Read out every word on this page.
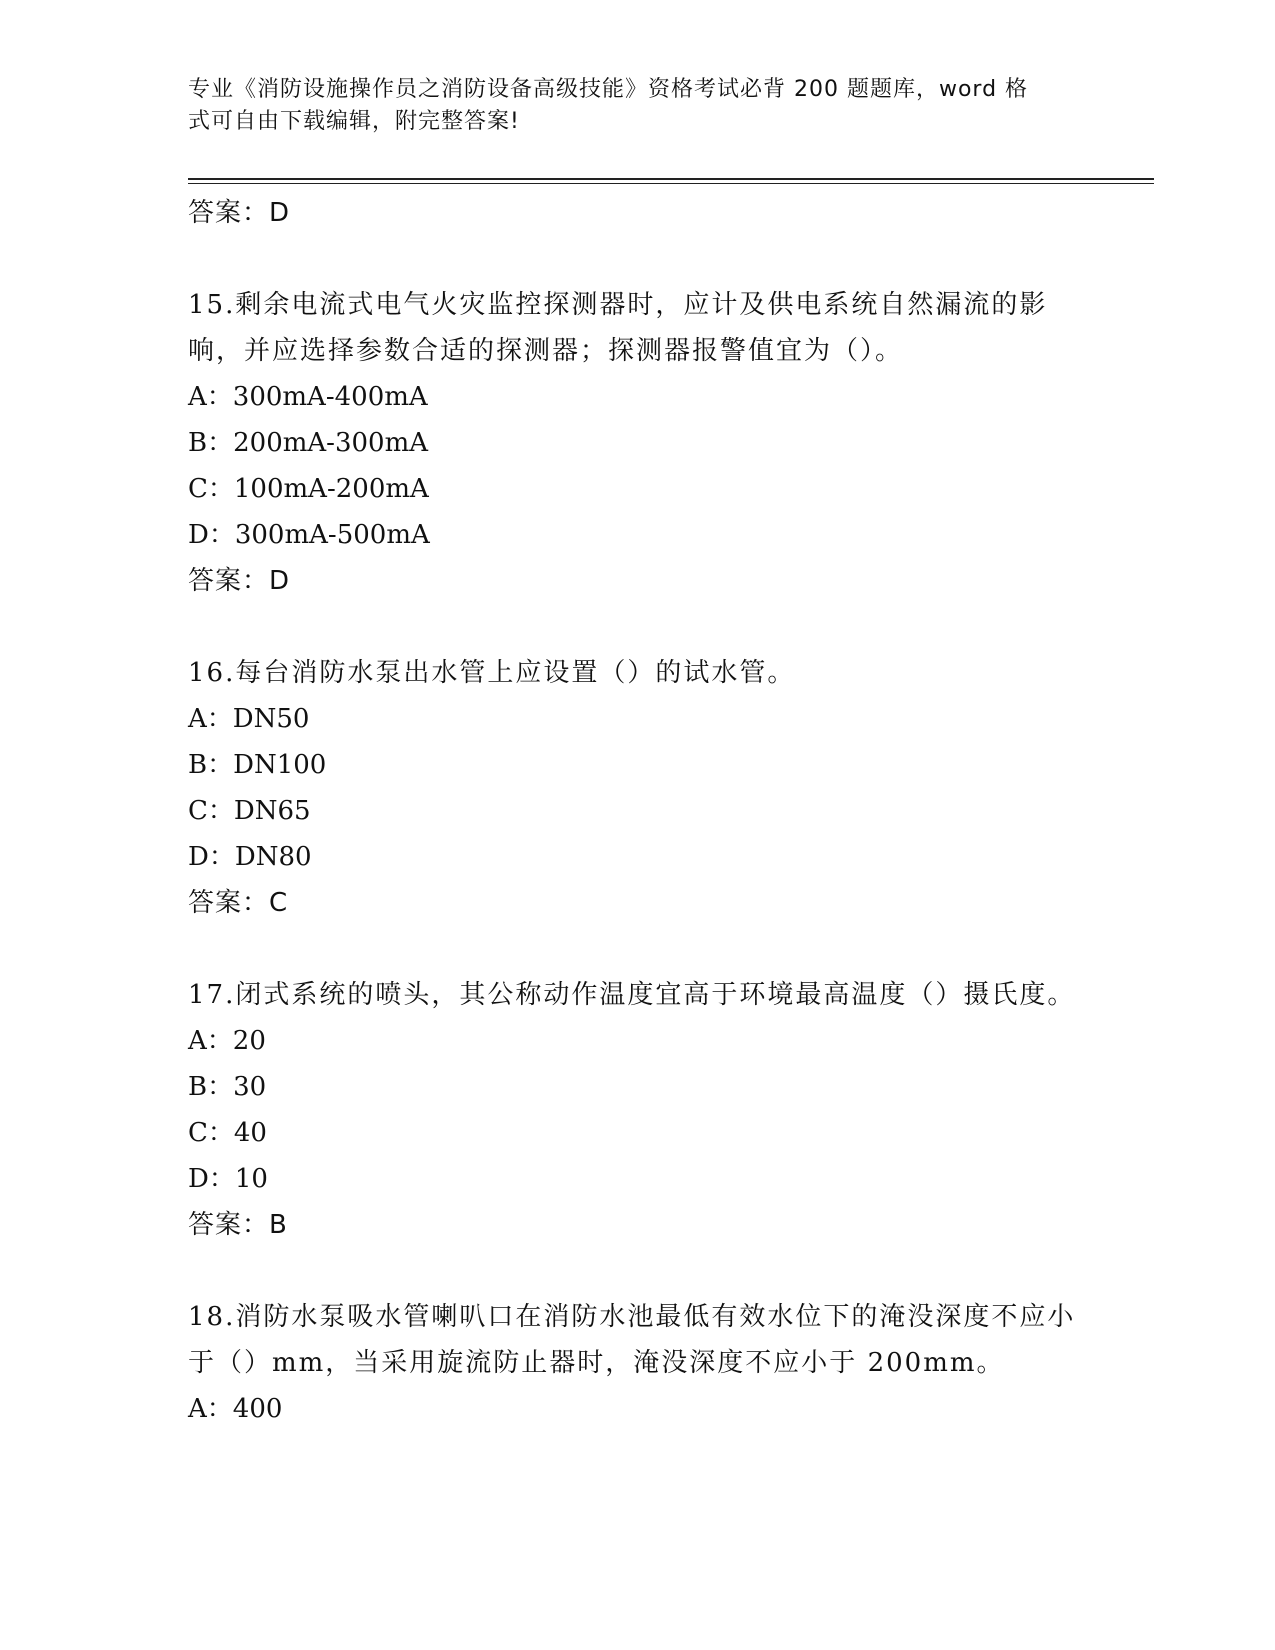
专业《消防设施操作员之消防设备高级技能》资格考试必背 200 题题库，word 格
式可自由下载编辑，附完整答案!
答案：D
15.剩余电流式电气火灾监控探测器时，应计及供电系统自然漏流的影响，并应选择参数合适的探测器；探测器报警值宜为（）。
A：300mA-400mA
B：200mA-300mA
C：100mA-200mA
D：300mA-500mA
答案：D
16.每台消防水泵出水管上应设置（）的试水管。
A：DN50
B：DN100
C：DN65
D：DN80
答案：C
17.闭式系统的喷头，其公称动作温度宜高于环境最高温度（）摄氏度。
A：20
B：30
C：40
D：10
答案：B
18.消防水泵吸水管喇叭口在消防水池最低有效水位下的淹没深度不应小于（）mm，当采用旋流防止器时，淹没深度不应小于 200mm。
A：400
